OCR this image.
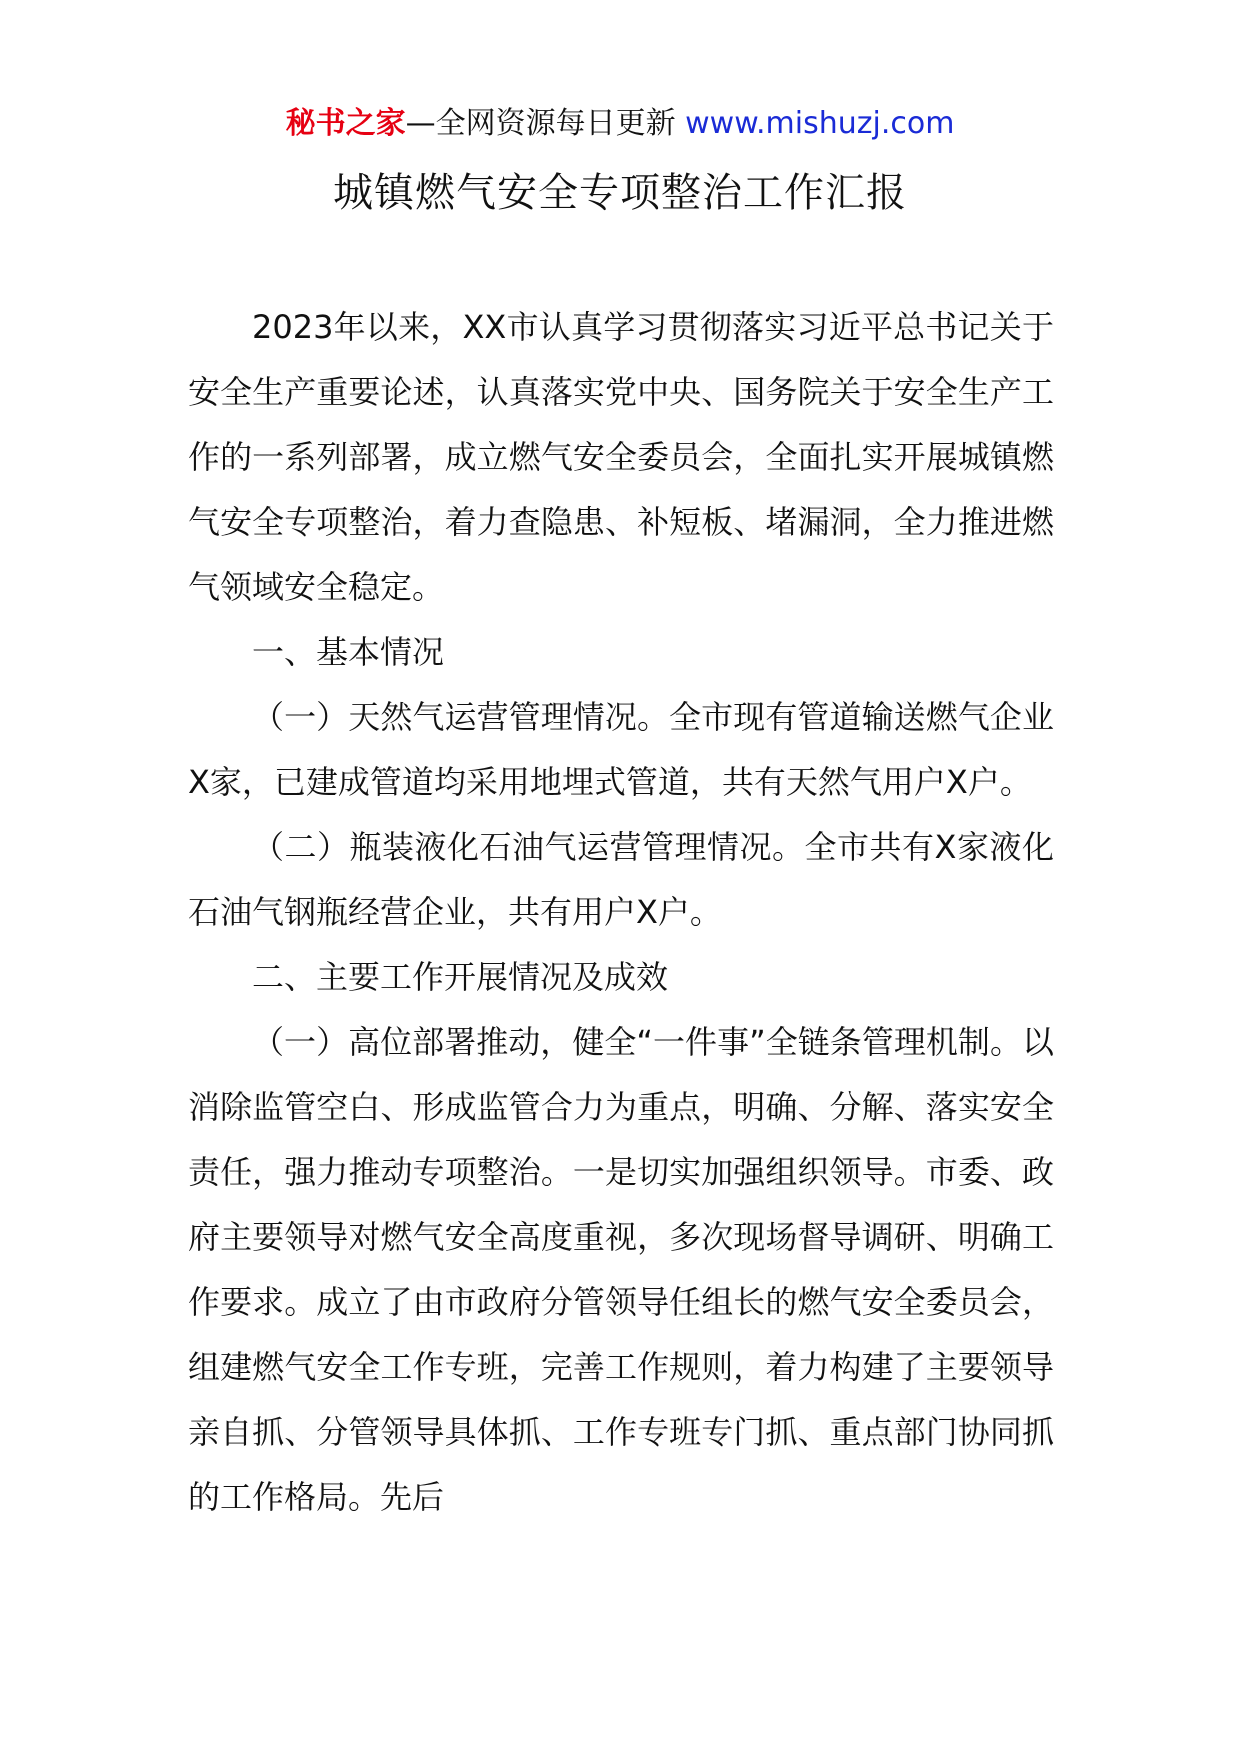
秘书之家—全网资源每日更新 www.mishuzj.com
城镇燃气安全专项整治工作汇报

2023年以来，XX市认真学习贯彻落实习近平总书记关于安全生产重要论述，认真落实党中央、国务院关于安全生产工作的一系列部署，成立燃气安全委员会，全面扎实开展城镇燃气安全专项整治，着力查隐患、补短板、堵漏洞，全力推进燃气领域安全稳定。

一、基本情况

（一）天然气运营管理情况。全市现有管道输送燃气企业X家，已建成管道均采用地埋式管道，共有天然气用户X户。

（二）瓶装液化石油气运营管理情况。全市共有X家液化石油气钢瓶经营企业，共有用户X户。

二、主要工作开展情况及成效

（一）高位部署推动，健全“一件事”全链条管理机制。以消除监管空白、形成监管合力为重点，明确、分解、落实安全责任，强力推动专项整治。一是切实加强组织领导。市委、政府主要领导对燃气安全高度重视，多次现场督导调研、明确工作要求。成立了由市政府分管领导任组长的燃气安全委员会，组建燃气安全工作专班，完善工作规则，着力构建了主要领导亲自抓、分管领导具体抓、工作专班专门抓、重点部门协同抓的工作格局。先后
